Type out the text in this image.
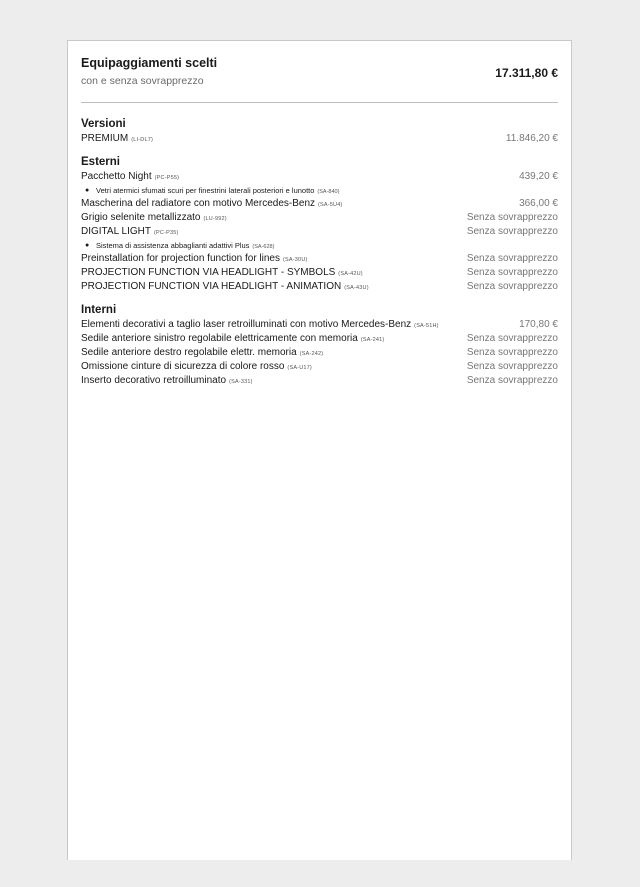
Equipaggiamenti scelti
con e senza sovrapprezzo
17.311,80 €
Versioni
PREMIUM (LI-DL7)	11.846,20 €
Esterni
Pacchetto Night (PC-P55)	439,20 €
● Vetri atermici sfumati scuri per finestrini laterali posteriori e lunotto (SA-840)
Mascherina del radiatore con motivo Mercedes-Benz (SA-5U4)	366,00 €
Grigio selenite metallizzato (LU-992)	Senza sovrapprezzo
DIGITAL LIGHT (PC-P35)	Senza sovrapprezzo
● Sistema di assistenza abbaglianti adattivi Plus (SA-628)
Preinstallation for projection function for lines (SA-30U)	Senza sovrapprezzo
PROJECTION FUNCTION VIA HEADLIGHT - SYMBOLS (SA-42U)	Senza sovrapprezzo
PROJECTION FUNCTION VIA HEADLIGHT - ANIMATION (SA-43U)	Senza sovrapprezzo
Interni
Elementi decorativi a taglio laser retroilluminati con motivo Mercedes-Benz (SA-51H)	170,80 €
Sedile anteriore sinistro regolabile elettricamente con memoria (SA-241)	Senza sovrapprezzo
Sedile anteriore destro regolabile elettr. memoria (SA-242)	Senza sovrapprezzo
Omissione cinture di sicurezza di colore rosso (SA-U17)	Senza sovrapprezzo
Inserto decorativo retroilluminato (SA-331)	Senza sovrapprezzo
